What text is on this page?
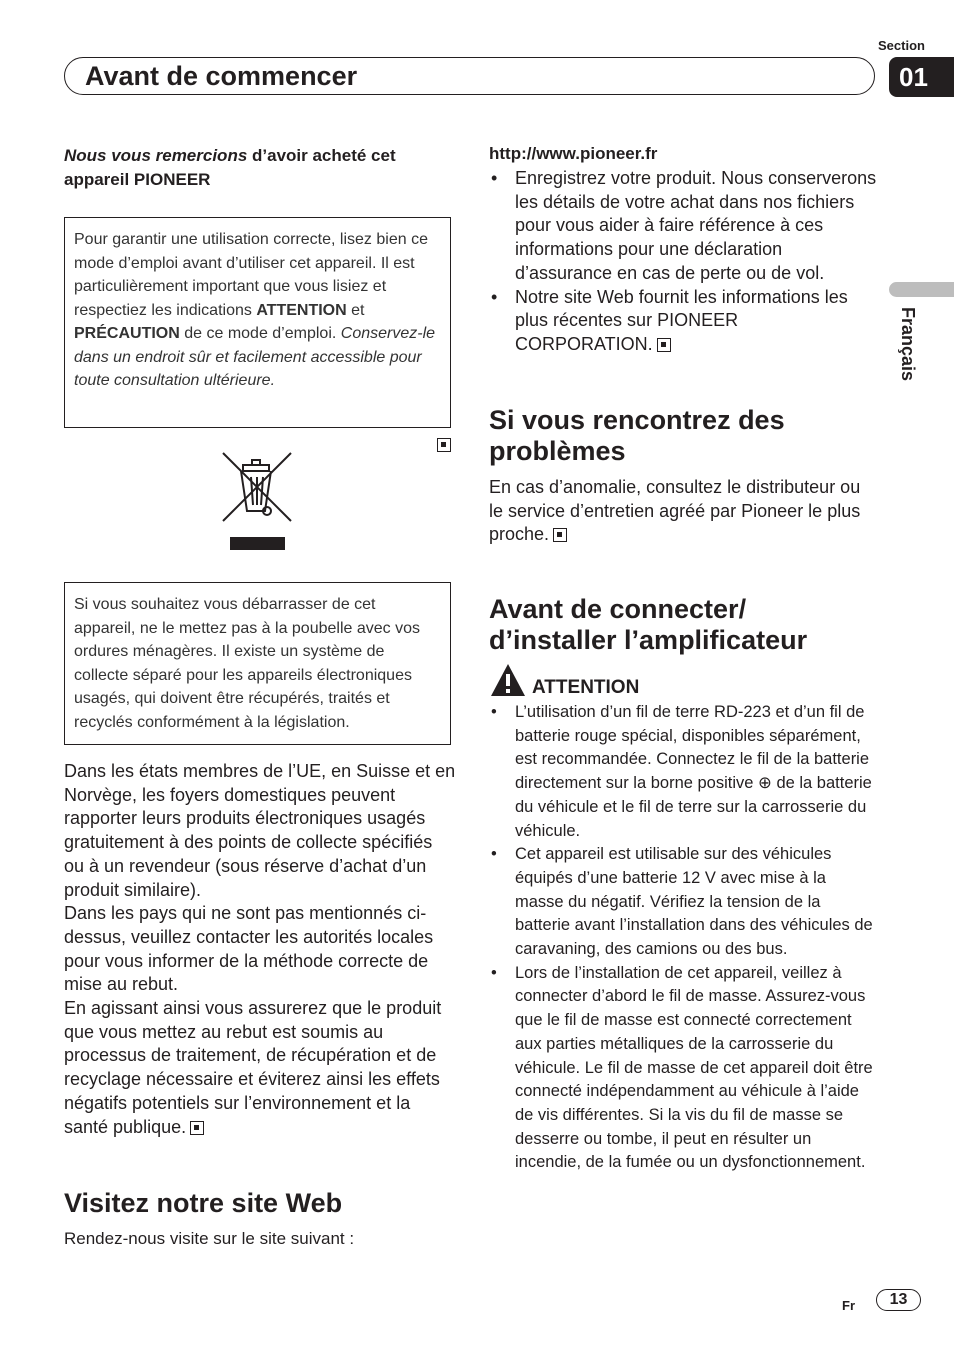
Section
01
Avant de commencer
Français
Nous vous remercions d’avoir acheté cet appareil PIONEER
Pour garantir une utilisation correcte, lisez bien ce mode d’emploi avant d’utiliser cet appareil. Il est particulièrement important que vous lisiez et respectiez les indications ATTENTION et PRÉCAUTION de ce mode d’emploi. Conservez-le dans un endroit sûr et facilement accessible pour toute consultation ultérieure.
Si vous souhaitez vous débarrasser de cet appareil, ne le mettez pas à la poubelle avec vos ordures ménagères. Il existe un système de collecte séparé pour les appareils électroniques usagés, qui doivent être récupérés, traités et recyclés conformément à la législation.
Dans les états membres de l’UE, en Suisse et en Norvège, les foyers domestiques peuvent rapporter leurs produits électroniques usagés gratuitement à des points de collecte spécifiés ou à un revendeur (sous réserve d’achat d’un produit similaire).
Dans les pays qui ne sont pas mentionnés ci-dessus, veuillez contacter les autorités locales pour vous informer de la méthode correcte de mise au rebut.
En agissant ainsi vous assurerez que le produit que vous mettez au rebut est soumis au processus de traitement, de récupération et de recyclage nécessaire et éviterez ainsi les effets négatifs potentiels sur l’environnement et la santé publique.
Visitez notre site Web
Rendez-nous visite sur le site suivant :
http://www.pioneer.fr
• Enregistrez votre produit. Nous conserverons les détails de votre achat dans nos fichiers pour vous aider à faire référence à ces informations pour une déclaration d’assurance en cas de perte ou de vol.
• Notre site Web fournit les informations les plus récentes sur PIONEER CORPORATION.
Si vous rencontrez des problèmes
En cas d’anomalie, consultez le distributeur ou le service d’entretien agréé par Pioneer le plus proche.
Avant de connecter/ d’installer l’amplificateur
ATTENTION
• L’utilisation d’un fil de terre RD-223 et d’un fil de batterie rouge spécial, disponibles séparément, est recommandée. Connectez le fil de la batterie directement sur la borne positive ⊕ de la batterie du véhicule et le fil de terre sur la carrosserie du véhicule.
• Cet appareil est utilisable sur des véhicules équipés d’une batterie 12 V avec mise à la masse du négatif. Vérifiez la tension de la batterie avant l’installation dans des véhicules de caravaning, des camions ou des bus.
• Lors de l’installation de cet appareil, veillez à connecter d’abord le fil de masse. Assurez-vous que le fil de masse est connecté correctement aux parties métalliques de la carrosserie du véhicule. Le fil de masse de cet appareil doit être connecté indépendamment au véhicule à l’aide de vis différentes. Si la vis du fil de masse se desserre ou tombe, il peut en résulter un incendie, de la fumée ou un dysfonctionnement.
Fr	13
